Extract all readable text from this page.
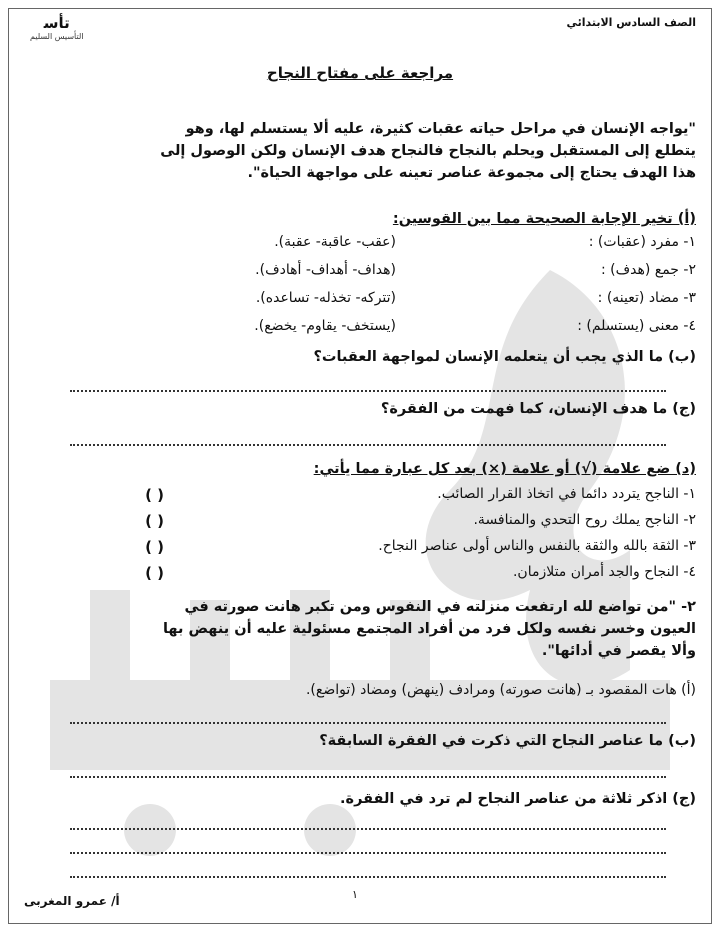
الصف السادس الابتدائي
ﺗﺄﺳ
التأسيس السليم
مراجعة على مفتاح النجاح
"يواجه الإنسان في مراحل حياته عقبات كثيرة، عليه ألا يستسلم لها، وهو
يتطلع إلى المستقبل ويحلم بالنجاح فالنجاح هدف الإنسان ولكن الوصول إلى
هذا الهدف يحتاج إلى مجموعة عناصر تعينه على مواجهة الحياة".
(أ) تخير الإجابة الصحيحة مما بين القوسين:
١- مفرد (عقبات) :
(عقب- عاقبة- عقبة).
٢- جمع (هدف) :
(هداف- أهداف- أهادف).
٣- مضاد (تعينه) :
(تتركه- تخذله- تساعده).
٤- معنى (يستسلم) :
(يستخف- يقاوم- يخضع).
(ب) ما الذي يجب أن يتعلمه الإنسان لمواجهة العقبات؟
(ج) ما هدف الإنسان، كما فهمت من الفقرة؟
(د) ضع علامة (√) أو علامة (×) بعد كل عبارة مما يأتي:
١- الناجح يتردد دائما في اتخاذ القرار الصائب.
( )
٢- الناجح يملك روح التحدي والمنافسة.
( )
٣- الثقة بالله والثقة بالنفس والناس أولى عناصر النجاح.
( )
٤- النجاح والجد أمران متلازمان.
( )
٢- "من تواضع لله ارتفعت منزلته في النفوس ومن تكبر هانت صورته في
العيون وخسر نفسه ولكل فرد من أفراد المجتمع مسئولية عليه أن ينهض بها
وألا يقصر في أدائها".
(أ) هات المقصود بـ (هانت صورته) ومرادف (ينهض) ومضاد (تواضع).
(ب) ما عناصر النجاح التي ذكرت في الفقرة السابقة؟
(ج) اذكر ثلاثة من عناصر النجاح لم ترد في الفقرة.
١
أ/ عمرو المغربى
